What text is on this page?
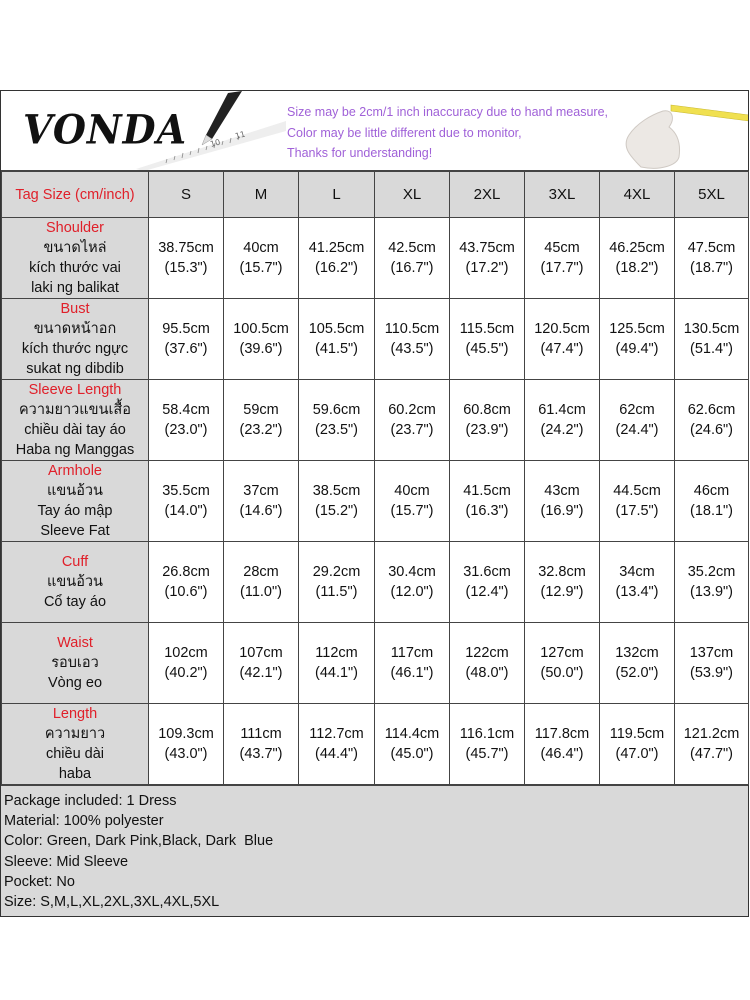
VONDA	10
11
Size may be 2cm/1 inch inaccuracy due to hand measure,
Color may be little different due to monitor,
Thanks for understanding!
Tag Size (cm/inch)	S	M	L	XL	2XL	3XL	4XL	5XL

Shoulder
ขนาดไหล่
kích thước vai
laki ng balikat	38.75cm
(15.3")	40cm
(15.7")	41.25cm
(16.2")	42.5cm
(16.7")	43.75cm
(17.2")	45cm
(17.7")	46.25cm
(18.2")	47.5cm
(18.7")

Bust
ขนาดหน้าอก
kích thước ngực
sukat ng dibdib	95.5cm
(37.6")	100.5cm
(39.6")	105.5cm
(41.5")	110.5cm
(43.5")	115.5cm
(45.5")	120.5cm
(47.4")	125.5cm
(49.4")	130.5cm
(51.4")

Sleeve Length
ความยาวแขนเสื้อ
chiều dài tay áo
Haba ng Manggas	58.4cm
(23.0")	59cm
(23.2")	59.6cm
(23.5")	60.2cm
(23.7")	60.8cm
(23.9")	61.4cm
(24.2")	62cm
(24.4")	62.6cm
(24.6")

Armhole
แขนอ้วน
Tay áo mập
Sleeve Fat	35.5cm
(14.0")	37cm
(14.6")	38.5cm
(15.2")	40cm
(15.7")	41.5cm
(16.3")	43cm
(16.9")	44.5cm
(17.5")	46cm
(18.1")

Cuff
แขนอ้วน
Cổ tay áo	26.8cm
(10.6")	28cm
(11.0")	29.2cm
(11.5")	30.4cm
(12.0")	31.6cm
(12.4")	32.8cm
(12.9")	34cm
(13.4")	35.2cm
(13.9")

Waist
รอบเอว
Vòng eo	102cm
(40.2")	107cm
(42.1")	112cm
(44.1")	117cm
(46.1")	122cm
(48.0")	127cm
(50.0")	132cm
(52.0")	137cm
(53.9")

Length
ความยาว
chiều dài
haba	109.3cm
(43.0")	111cm
(43.7")	112.7cm
(44.4")	114.4cm
(45.0")	116.1cm
(45.7")	117.8cm
(46.4")	119.5cm
(47.0")	121.2cm
(47.7")
Package included: 1 Dress
Material: 100% polyester
Color: Green, Dark Pink,Black, Dark  Blue
Sleeve: Mid Sleeve
Pocket: No
Size: S,M,L,XL,2XL,3XL,4XL,5XL
